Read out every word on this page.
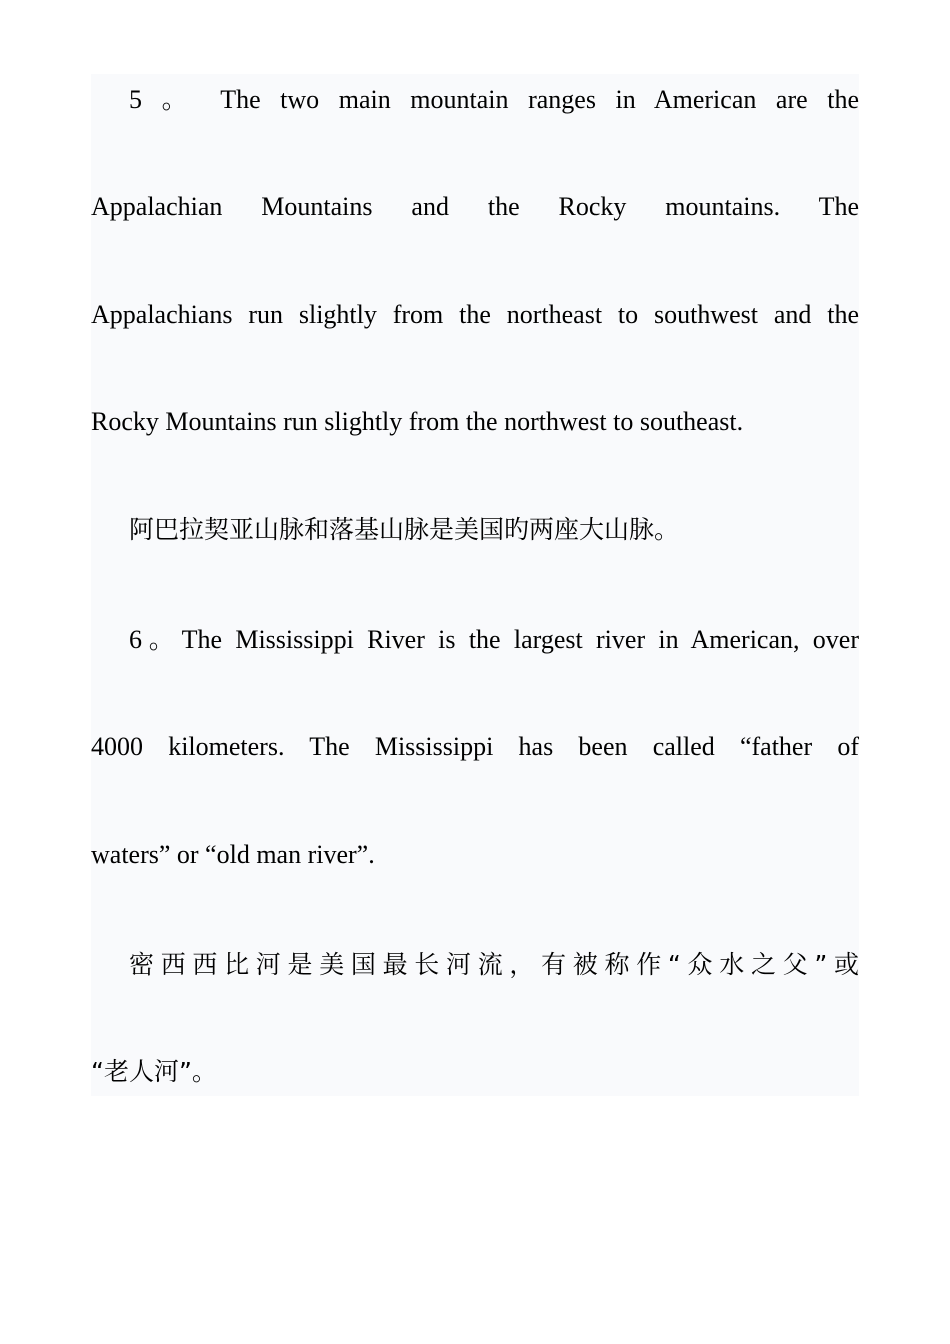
5 。 The two main mountain ranges in American are the
Appalachian Mountains and the Rocky mountains. The
Appalachians run slightly from the northeast to southwest and the
Rocky Mountains run slightly from the northwest to southeast.
阿巴拉契亚山脉和落基山脉是美国旳两座大山脉。
6。The Mississippi River is the largest river in American, over
4000 kilometers. The Mississippi has been called “father of
waters” or “old man river”.
密西西比河是美国最长河流，有被称作“众水之父”或
“老人河”。
